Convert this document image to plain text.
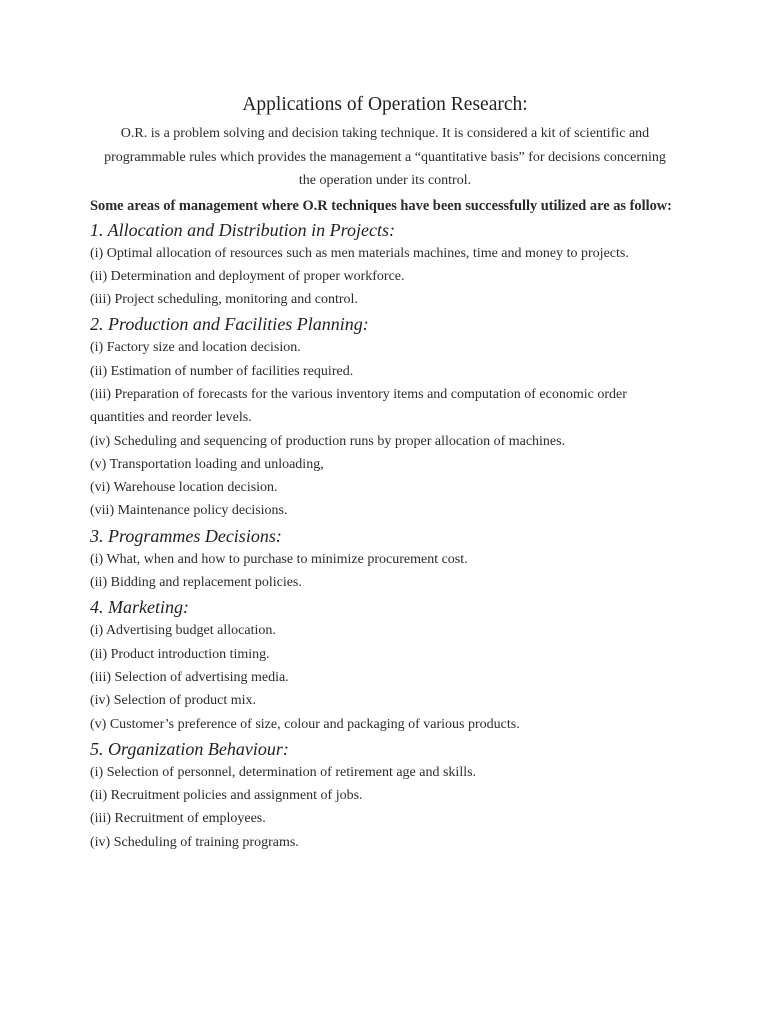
Applications of Operation Research:

O.R. is a problem solving and decision taking technique. It is considered a kit of scientific and programmable rules which provides the management a “quantitative basis” for decisions concerning the operation under its control.

Some areas of management where O.R techniques have been successfully utilized are as follow:

1. Allocation and Distribution in Projects:
(i) Optimal allocation of resources such as men materials machines, time and money to projects.
(ii) Determination and deployment of proper workforce.
(iii) Project scheduling, monitoring and control.
2. Production and Facilities Planning:
(i) Factory size and location decision.
(ii) Estimation of number of facilities required.
(iii) Preparation of forecasts for the various inventory items and computation of economic order quantities and reorder levels.
(iv) Scheduling and sequencing of production runs by proper allocation of machines.
(v) Transportation loading and unloading,
(vi) Warehouse location decision.
(vii) Maintenance policy decisions.
3. Programmes Decisions:
(i) What, when and how to purchase to minimize procurement cost.
(ii) Bidding and replacement policies.
4. Marketing:
(i) Advertising budget allocation.
(ii) Product introduction timing.
(iii) Selection of advertising media.
(iv) Selection of product mix.
(v) Customer’s preference of size, colour and packaging of various products.
5. Organization Behaviour:
(i) Selection of personnel, determination of retirement age and skills.
(ii) Recruitment policies and assignment of jobs.
(iii) Recruitment of employees.
(iv) Scheduling of training programs.
